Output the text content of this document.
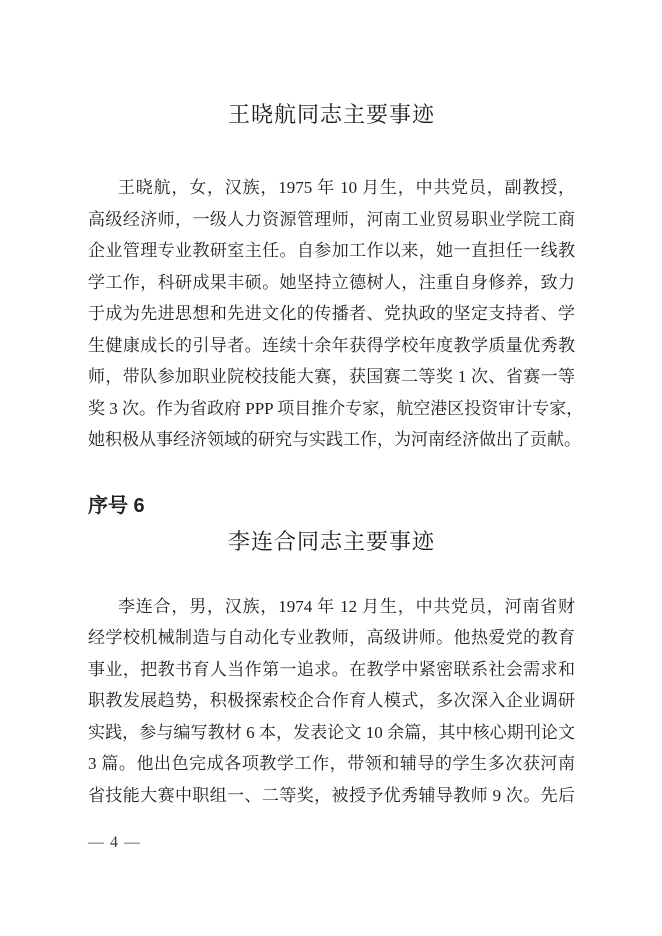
王晓航同志主要事迹
王晓航，女，汉族，1975 年 10 月生，中共党员，副教授，
高级经济师，一级人力资源管理师，河南工业贸易职业学院工商
企业管理专业教研室主任。自参加工作以来，她一直担任一线教
学工作，科研成果丰硕。她坚持立德树人，注重自身修养，致力
于成为先进思想和先进文化的传播者、党执政的坚定支持者、学
生健康成长的引导者。连续十余年获得学校年度教学质量优秀教
师，带队参加职业院校技能大赛，获国赛二等奖 1 次、省赛一等
奖 3 次。作为省政府 PPP 项目推介专家，航空港区投资审计专家，
她积极从事经济领域的研究与实践工作，为河南经济做出了贡献。
序号 6
李连合同志主要事迹
李连合，男，汉族，1974 年 12 月生，中共党员，河南省财
经学校机械制造与自动化专业教师，高级讲师。他热爱党的教育
事业，把教书育人当作第一追求。在教学中紧密联系社会需求和
职教发展趋势，积极探索校企合作育人模式，多次深入企业调研
实践，参与编写教材 6 本，发表论文 10 余篇，其中核心期刊论文
3 篇。他出色完成各项教学工作，带领和辅导的学生多次获河南
省技能大赛中职组一、二等奖，被授予优秀辅导教师 9 次。先后
— 4 —
